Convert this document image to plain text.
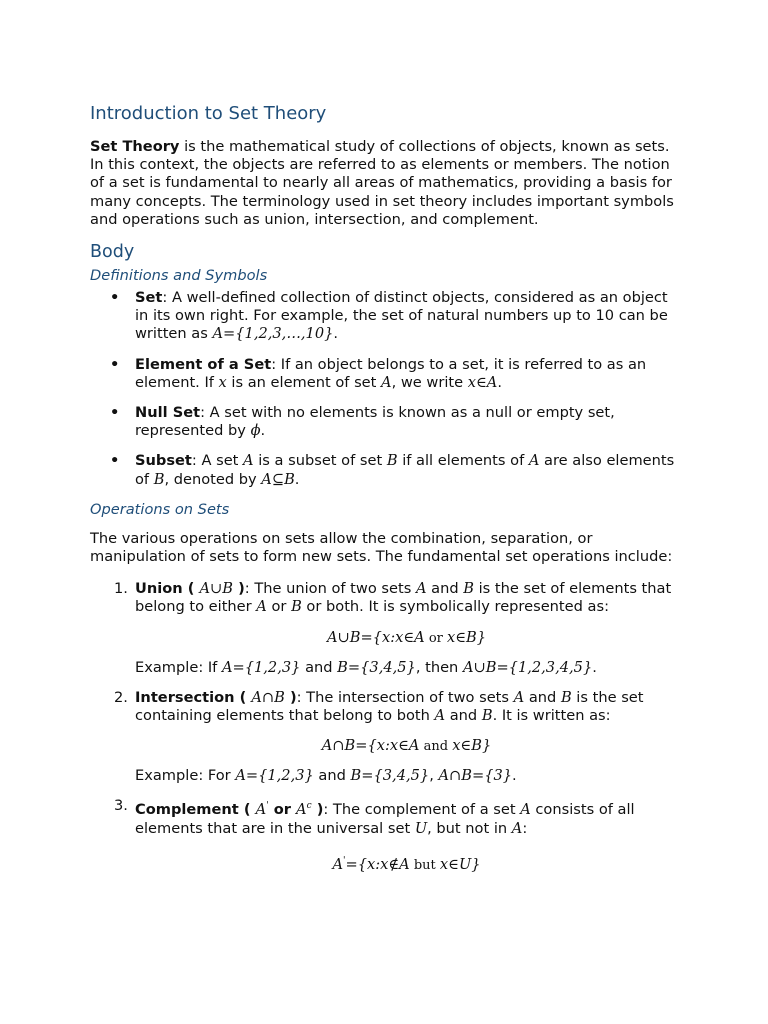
Introduction to Set Theory

Set Theory is the mathematical study of collections of objects, known as sets. In this context, the objects are referred to as elements or members. The notion of a set is fundamental to nearly all areas of mathematics, providing a basis for many concepts. The terminology used in set theory includes important symbols and operations such as union, intersection, and complement.

Body
Definitions and Symbols
• Set: A well-defined collection of distinct objects, considered as an object in its own right. For example, the set of natural numbers up to 10 can be written as A={1,2,3,…,10}.
• Element of a Set: If an object belongs to a set, it is referred to as an element. If x is an element of set A, we write x∈A.
• Null Set: A set with no elements is known as a null or empty set, represented by ϕ.
• Subset: A set A is a subset of set B if all elements of A are also elements of B, denoted by A⊆B.
Operations on Sets

The various operations on sets allow the combination, separation, or manipulation of sets to form new sets. The fundamental set operations include:

1. Union ( A∪B ): The union of two sets A and B is the set of elements that belong to either A or B or both. It is symbolically represented as:
A∪B={x:x∈A or x∈B}
Example: If A={1,2,3} and B={3,4,5}, then A∪B={1,2,3,4,5}.
2. Intersection ( A∩B ): The intersection of two sets A and B is the set containing elements that belong to both A and B. It is written as:
A∩B={x:x∈A and x∈B}
Example: For A={1,2,3} and B={3,4,5}, A∩B={3}.
3. Complement ( A' or $A^c$ ): The complement of a set A consists of all elements that are in the universal set U, but not in A:
A'={x:x∉A but x∈U}
